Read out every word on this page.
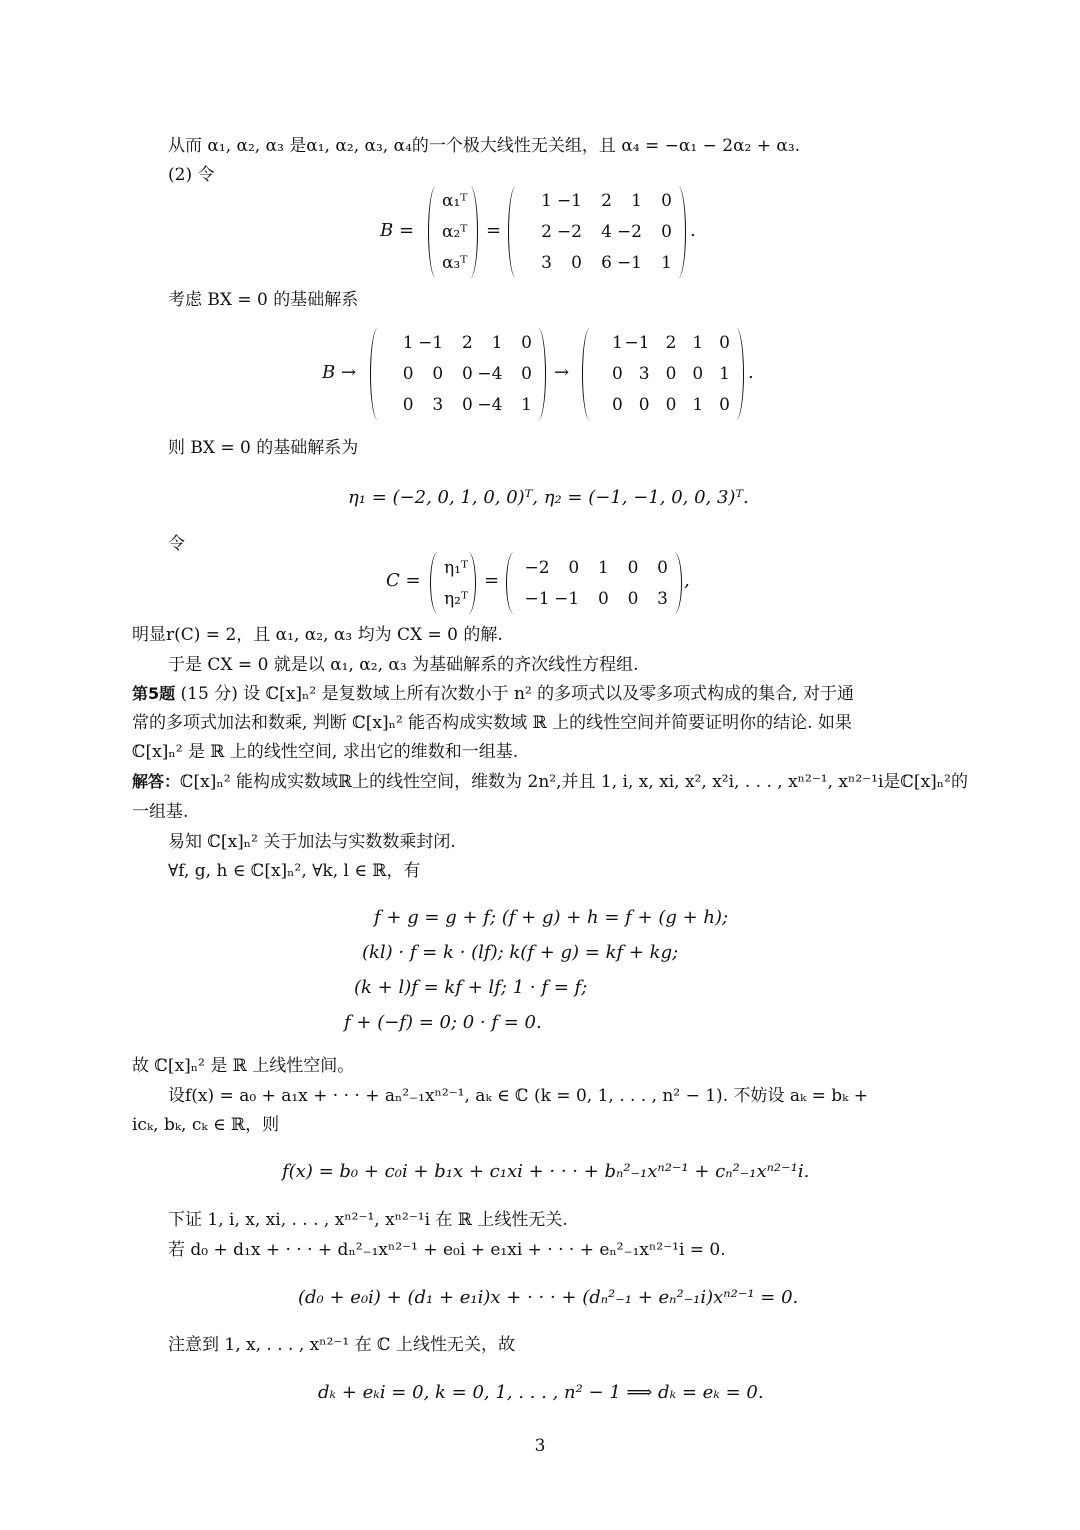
从而 α₁, α₂, α₃ 是α₁, α₂, α₃, α₄的一个极大线性无关组，且 α₄ = −α₁ − 2α₂ + α₃.
(2) 令
B =
α₁ᵀ
α₂ᵀ
α₃ᵀ
=
1 −1	2	1	0
2 −2	4 −2	0
3	0	6 −1	1
.
考虑 BX = 0 的基础解系
B →
1 −1	2	1	0
0	0	0 −4	0
0	3	0 −4	1
→
1 −1 2 1 0
0 3 0 0 1
0 0 0 1 0
.
则 BX = 0 的基础解系为
η₁ = (−2, 0, 1, 0, 0)ᵀ, η₂ = (−1, −1, 0, 0, 3)ᵀ.
令
C =
η₁ᵀ
η₂ᵀ
=
−2	0	1	0	0
−1 −1	0	0	3
,
明显r(C) = 2，且 α₁, α₂, α₃ 均为 CX = 0 的解.
于是 CX = 0 就是以 α₁, α₂, α₃ 为基础解系的齐次线性方程组.
第5题 (15 分) 设 ℂ[x]ₙ² 是复数域上所有次数小于 n² 的多项式以及零多项式构成的集合, 对于通
常的多项式加法和数乘, 判断 ℂ[x]ₙ² 能否构成实数域 ℝ 上的线性空间并简要证明你的结论. 如果
ℂ[x]ₙ² 是 ℝ 上的线性空间, 求出它的维数和一组基.
解答：ℂ[x]ₙ² 能构成实数域ℝ上的线性空间，维数为 2n²,并且 1, i, x, xi, x², x²i, . . . , xⁿ²⁻¹, xⁿ²⁻¹i是ℂ[x]ₙ²的
一组基.
易知 ℂ[x]ₙ² 关于加法与实数数乘封闭.
∀f, g, h ∈ ℂ[x]ₙ², ∀k, l ∈ ℝ，有
f + g = g + f; (f + g) + h = f + (g + h);
(kl) · f = k · (lf); k(f + g) = kf + kg;
(k + l)f = kf + lf; 1 · f = f;
f + (−f) = 0; 0 · f = 0.
故 ℂ[x]ₙ² 是 ℝ 上线性空间。
设f(x) = a₀ + a₁x + · · · + aₙ²₋₁xⁿ²⁻¹, aₖ ∈ ℂ (k = 0, 1, . . . , n² − 1). 不妨设 aₖ = bₖ +
icₖ, bₖ, cₖ ∈ ℝ，则
f(x) = b₀ + c₀i + b₁x + c₁xi + · · · + bₙ²₋₁xⁿ²⁻¹ + cₙ²₋₁xⁿ²⁻¹i.
下证 1, i, x, xi, . . . , xⁿ²⁻¹, xⁿ²⁻¹i 在 ℝ 上线性无关.
若 d₀ + d₁x + · · · + dₙ²₋₁xⁿ²⁻¹ + e₀i + e₁xi + · · · + eₙ²₋₁xⁿ²⁻¹i = 0.
(d₀ + e₀i) + (d₁ + e₁i)x + · · · + (dₙ²₋₁ + eₙ²₋₁i)xⁿ²⁻¹ = 0.
注意到 1, x, . . . , xⁿ²⁻¹ 在 ℂ 上线性无关，故
dₖ + eₖi = 0, k = 0, 1, . . . , n² − 1 ⟹ dₖ = eₖ = 0.
3
